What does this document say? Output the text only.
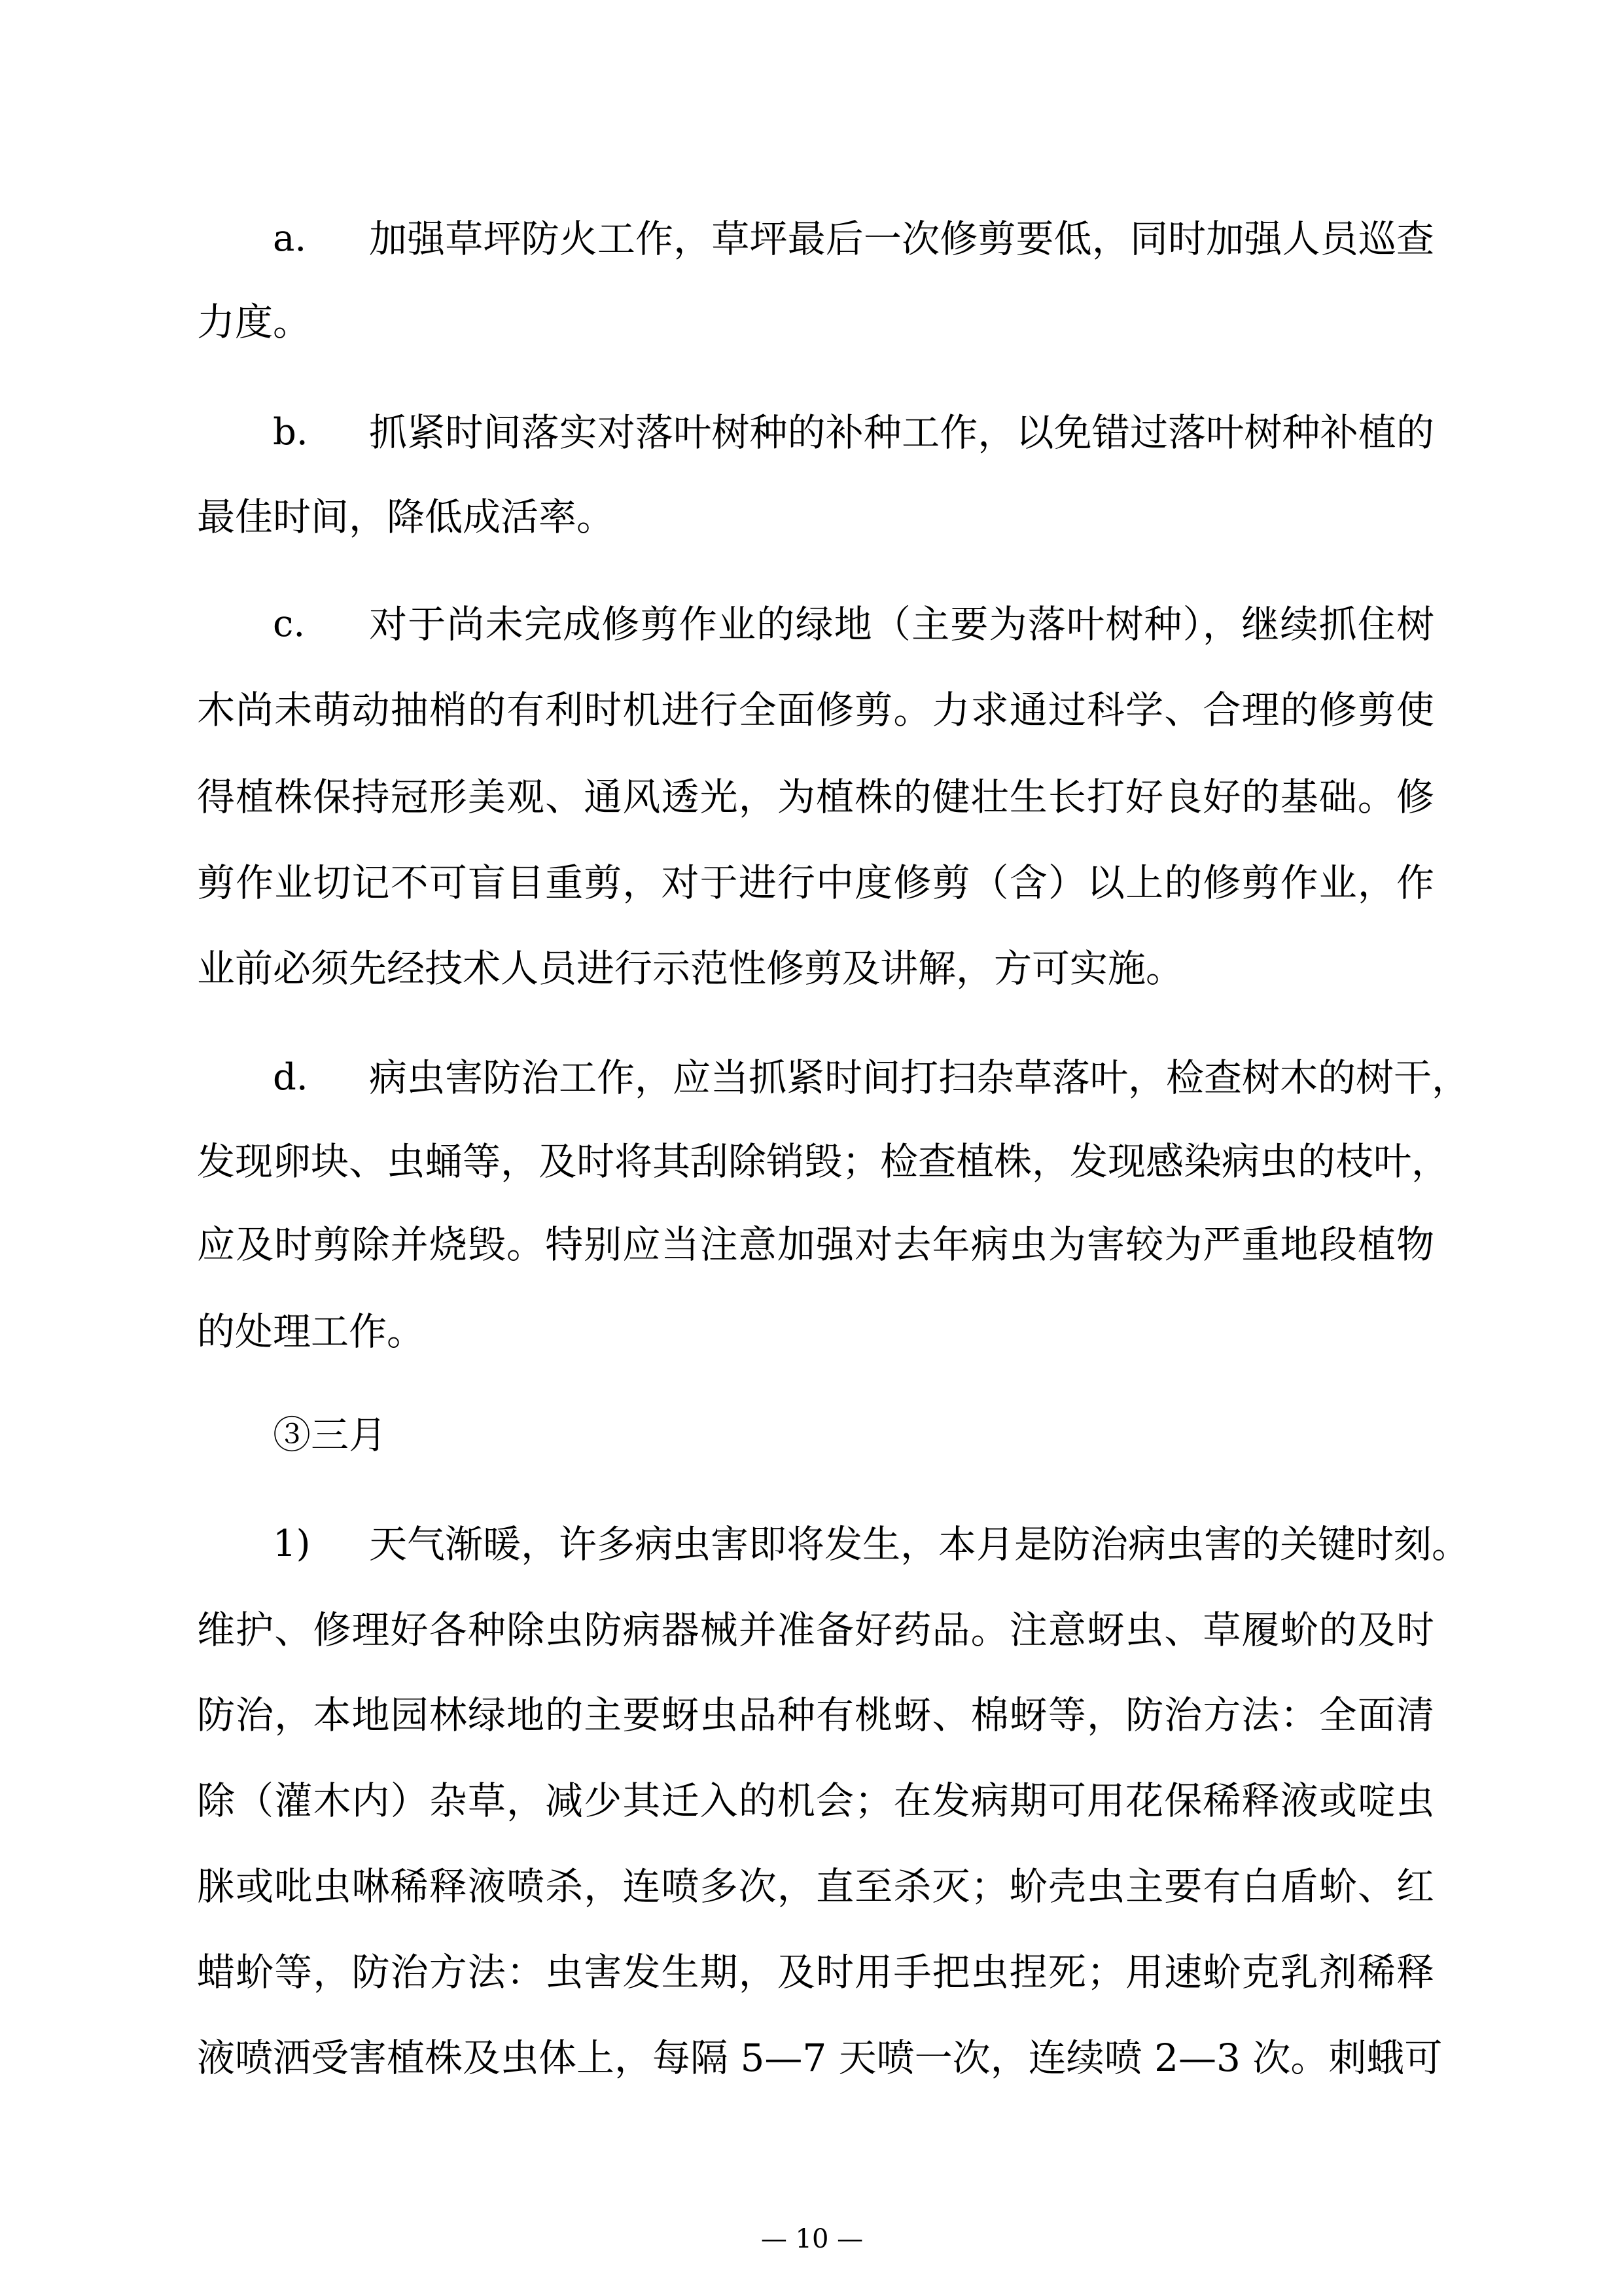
a. 加强草坪防火工作，草坪最后一次修剪要低，同时加强人员巡查
力度。
b. 抓紧时间落实对落叶树种的补种工作，以免错过落叶树种补植的
最佳时间，降低成活率。
c. 对于尚未完成修剪作业的绿地（主要为落叶树种），继续抓住树
木尚未萌动抽梢的有利时机进行全面修剪。力求通过科学、合理的修剪使
得植株保持冠形美观、通风透光，为植株的健壮生长打好良好的基础。修
剪作业切记不可盲目重剪，对于进行中度修剪（含）以上的修剪作业，作
业前必须先经技术人员进行示范性修剪及讲解，方可实施。
d. 病虫害防治工作，应当抓紧时间打扫杂草落叶，检查树木的树干，
发现卵块、虫蛹等，及时将其刮除销毁；检查植株，发现感染病虫的枝叶，
应及时剪除并烧毁。特别应当注意加强对去年病虫为害较为严重地段植物
的处理工作。
③三月
1) 天气渐暖，许多病虫害即将发生，本月是防治病虫害的关键时刻。
维护、修理好各种除虫防病器械并准备好药品。注意蚜虫、草履蚧的及时
防治，本地园林绿地的主要蚜虫品种有桃蚜、棉蚜等，防治方法：全面清
除（灌木内）杂草，减少其迁入的机会；在发病期可用花保稀释液或啶虫
脒或吡虫啉稀释液喷杀，连喷多次，直至杀灭；蚧壳虫主要有白盾蚧、红
蜡蚧等，防治方法：虫害发生期，及时用手把虫捏死；用速蚧克乳剂稀释
液喷洒受害植株及虫体上，每隔 5—7 天喷一次，连续喷 2—3 次。刺蛾可
— 10 —
